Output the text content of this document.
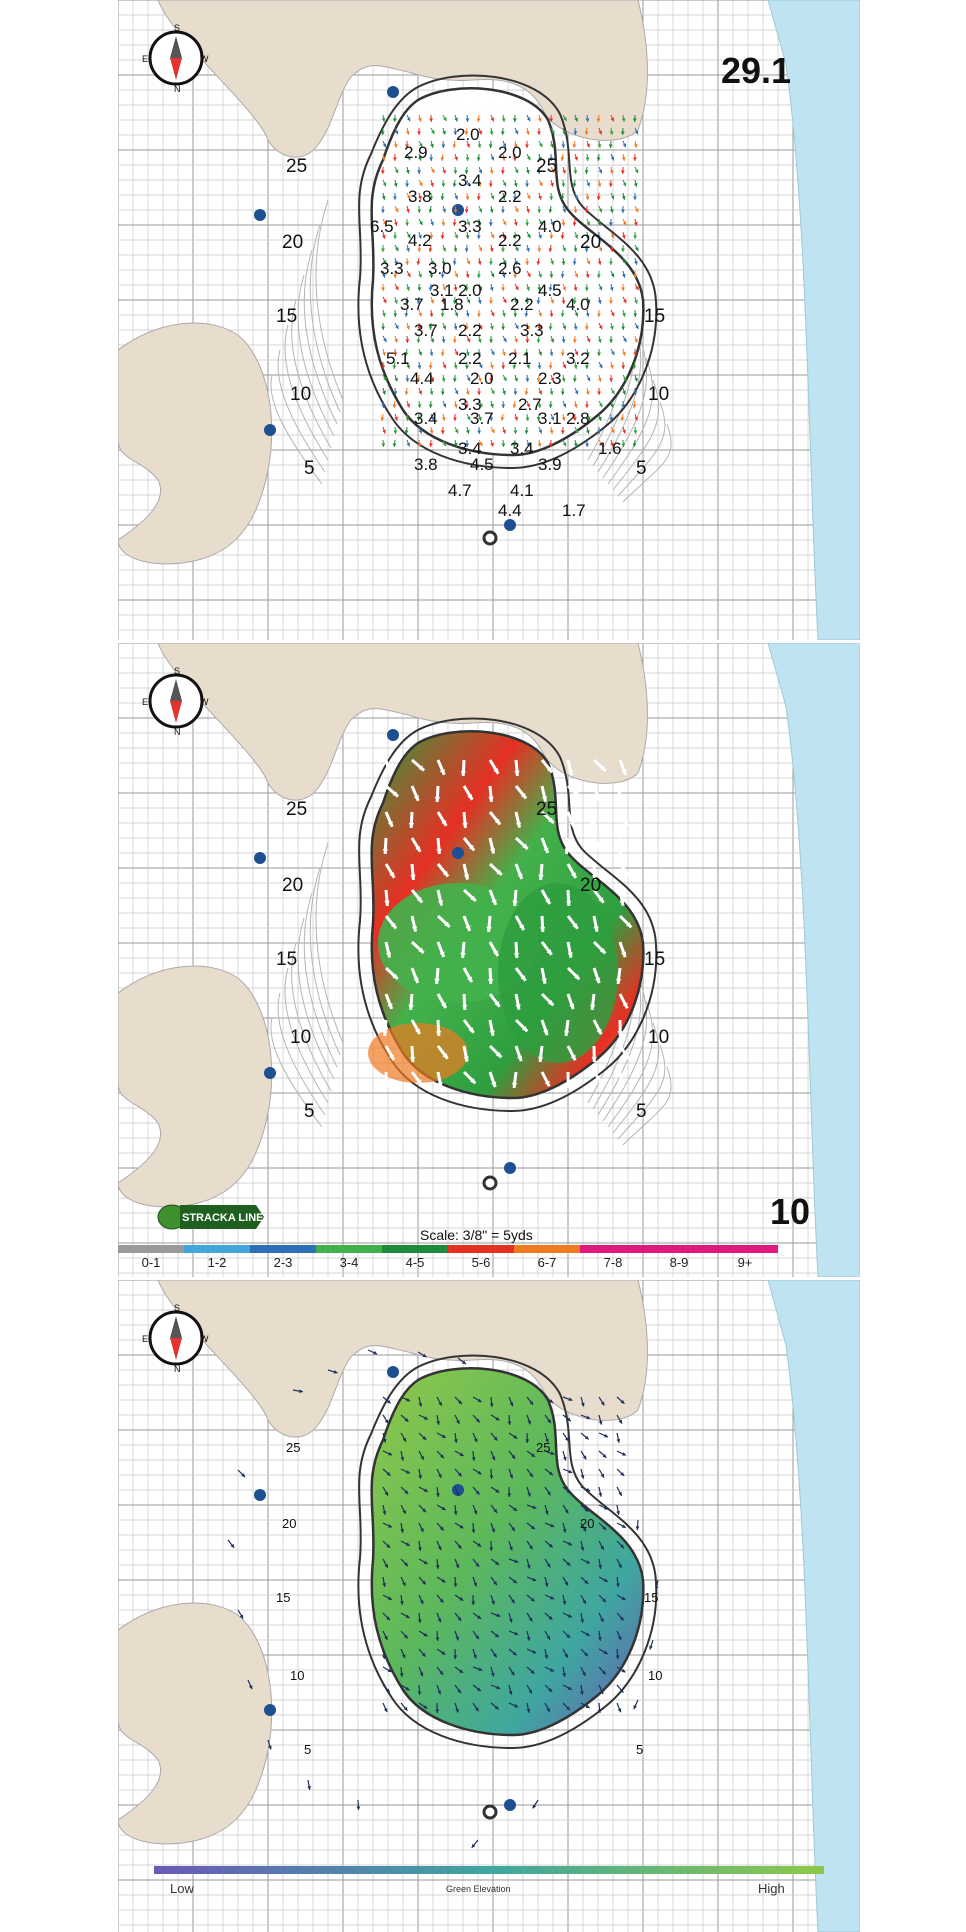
S
N
E	W
2.0
2.9	2.0
3.4
3.8	2.2
6.5
4.2
3.3
2.2
4.0
3.3 3.0	2.6
3.1 2.0	4.5
3.7 1.8	2.2 4.0
3.7 2.2 3.3
5.1	2.2 2.1 3.2
4.4 2.0	2.3
3.3 2.7
3.4 3.7	3.1 2.8
3.4 3.4	1.6
3.8 4.5	3.9
4.7 4.1
4.4 1.7
25	25
20	20
15	15
10	10
5	5
29.1
S
N
E	W
25	25
20	20
15	15
10	10
5	5
STRACKA LINE	10
Scale: 3/8" = 5yds
0-1	1-2	2-3	3-4	4-5	5-6	6-7	7-8	8-9	9+
S
N
E	W
25	25
20	20
15	15
10	10
5	5
Low	Green Elevation	High
